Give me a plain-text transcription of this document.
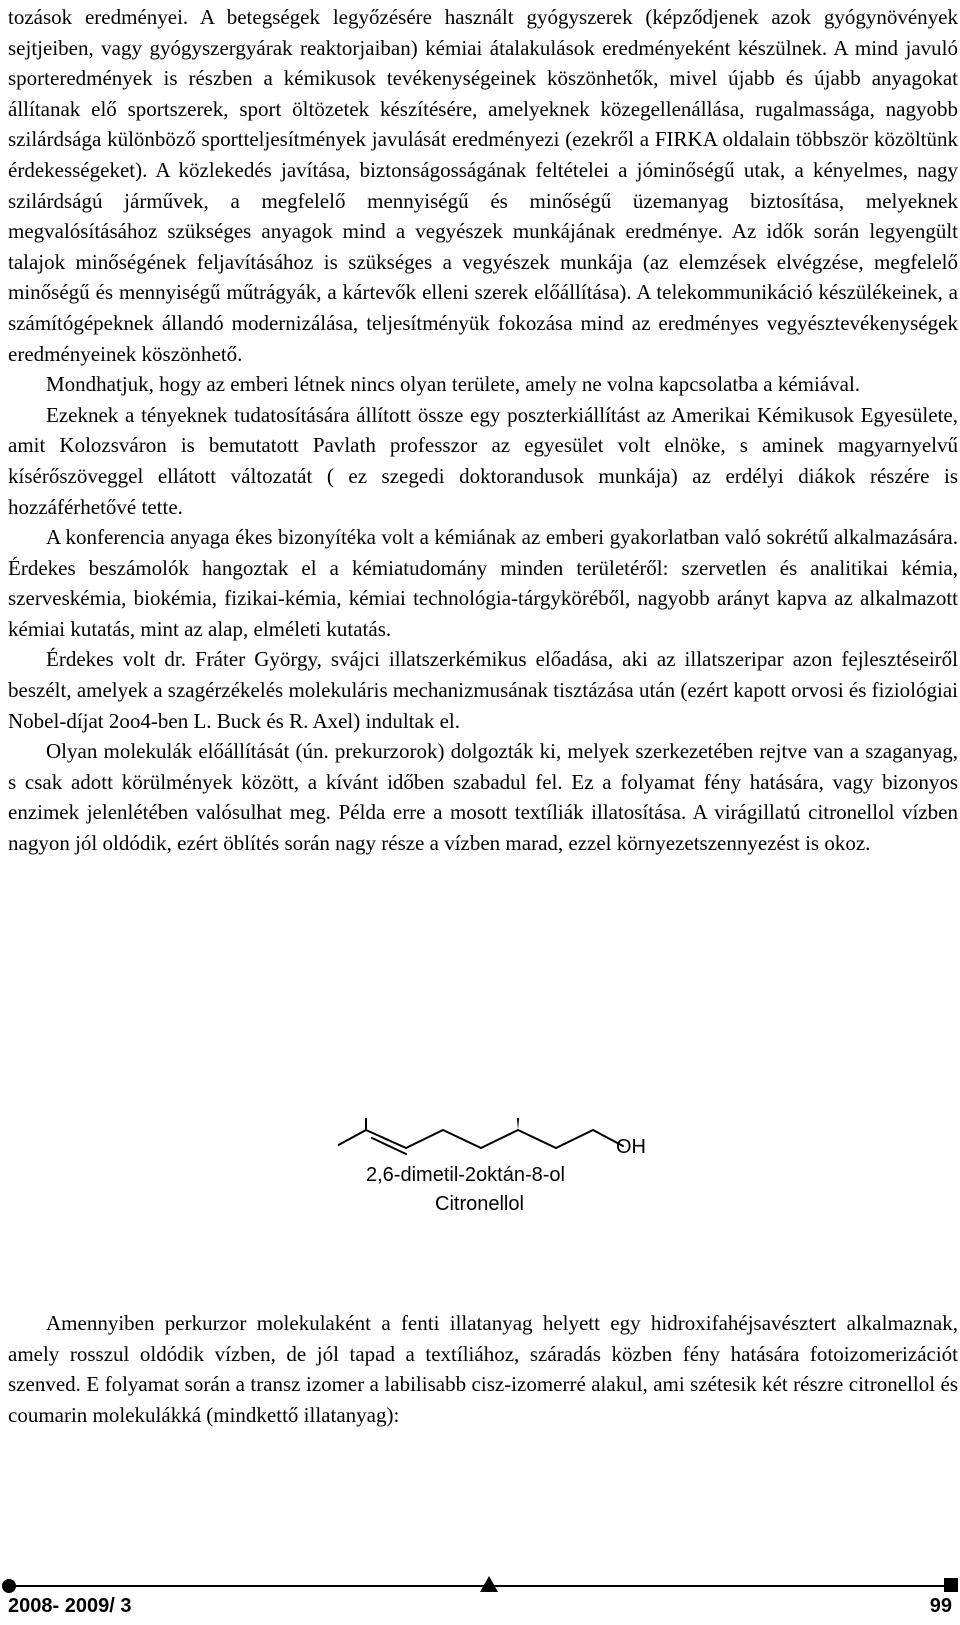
tozások eredményei. A betegségek legyőzésére használt gyógyszerek (képződjenek azok gyógynövények sejtjeiben, vagy gyógyszergyárak reaktorjaiban) kémiai átalakulások eredményeként készülnek. A mind javuló sporteredmények is részben a kémikusok tevékenységeinek köszönhetők, mivel újabb és újabb anyagokat állítanak elő sportszerek, sport öltözetek készítésére, amelyeknek közegellenállása, rugalmassága, nagyobb szilárdsága különböző sportteljesítmények javulását eredményezi (ezekről a FIRKA oldalain többször közöltünk érdekességeket). A közlekedés javítása, biztonságosságának feltételei a jóminőségű utak, a kényelmes, nagy szilárdságú járművek, a megfelelő mennyiségű és minőségű üzemanyag biztosítása, melyeknek megvalósításához szükséges anyagok mind a vegyészek munkájának eredménye. Az idők során legyengült talajok minőségének feljavításához is szükséges a vegyészek munkája (az elemzések elvégzése, megfelelő minőségű és mennyiségű műtrágyák, a kártevők elleni szerek előállítása). A telekommunikáció készülékeinek, a számítógépeknek állandó modernizálása, teljesítményük fokozása mind az eredményes vegyésztevékenységek eredményeinek köszönhető.

Mondhatjuk, hogy az emberi létnek nincs olyan területe, amely ne volna kapcsolatba a kémiával.

Ezeknek a tényeknek tudatosítására állított össze egy poszterkiállítást az Amerikai Kémikusok Egyesülete, amit Kolozsváron is bemutatott Pavlath professzor az egyesület volt elnöke, s aminek magyarnyelvű kísérőszöveggel ellátott változatát ( ez szegedi doktorandusok munkája) az erdélyi diákok részére is hozzáférhetővé tette.

A konferencia anyaga ékes bizonyítéka volt a kémiának az emberi gyakorlatban való sokrétű alkalmazására. Érdekes beszámolók hangoztak el a kémiatudomány minden területéről: szervetlen és analitikai kémia, szerveskémia, biokémia, fizikai-kémia, kémiai technológia-tárgyköréből, nagyobb arányt kapva az alkalmazott kémiai kutatás, mint az alap, elméleti kutatás.

Érdekes volt dr. Fráter György, svájci illatszerkémikus előadása, aki az illatszeripar azon fejlesztéseiről beszélt, amelyek a szagérzékelés molekuláris mechanizmusának tisztázása után (ezért kapott orvosi és fiziológiai Nobel-díjat 2oo4-ben L. Buck és R. Axel) indultak el.

Olyan molekulák előállítását (ún. prekurzorok) dolgozták ki, melyek szerkezetében rejtve van a szaganyag, s csak adott körülmények között, a kívánt időben szabadul fel. Ez a folyamat fény hatására, vagy bizonyos enzimek jelenlétében valósulhat meg. Példa erre a mosott textíliák illatosítása. A virágillatú citronellol vízben nagyon jól oldódik, ezért öblítés során nagy része a vízben marad, ezzel környezetszennyezést is okoz.

OH
2,6-dimetil-2oktán-8-ol
Citronellol

Amennyiben perkurzor molekulaként a fenti illatanyag helyett egy hidroxifahéjsavésztert alkalmaznak, amely rosszul oldódik vízben, de jól tapad a textíliához, száradás közben fény hatására fotoizomerizációt szenved. E folyamat során a transz izomer a labilisabb cisz-izomerré alakul, ami szétesik két részre citronellol és coumarin molekulákká (mindkettő illatanyag):

2008- 2009/ 3	99
